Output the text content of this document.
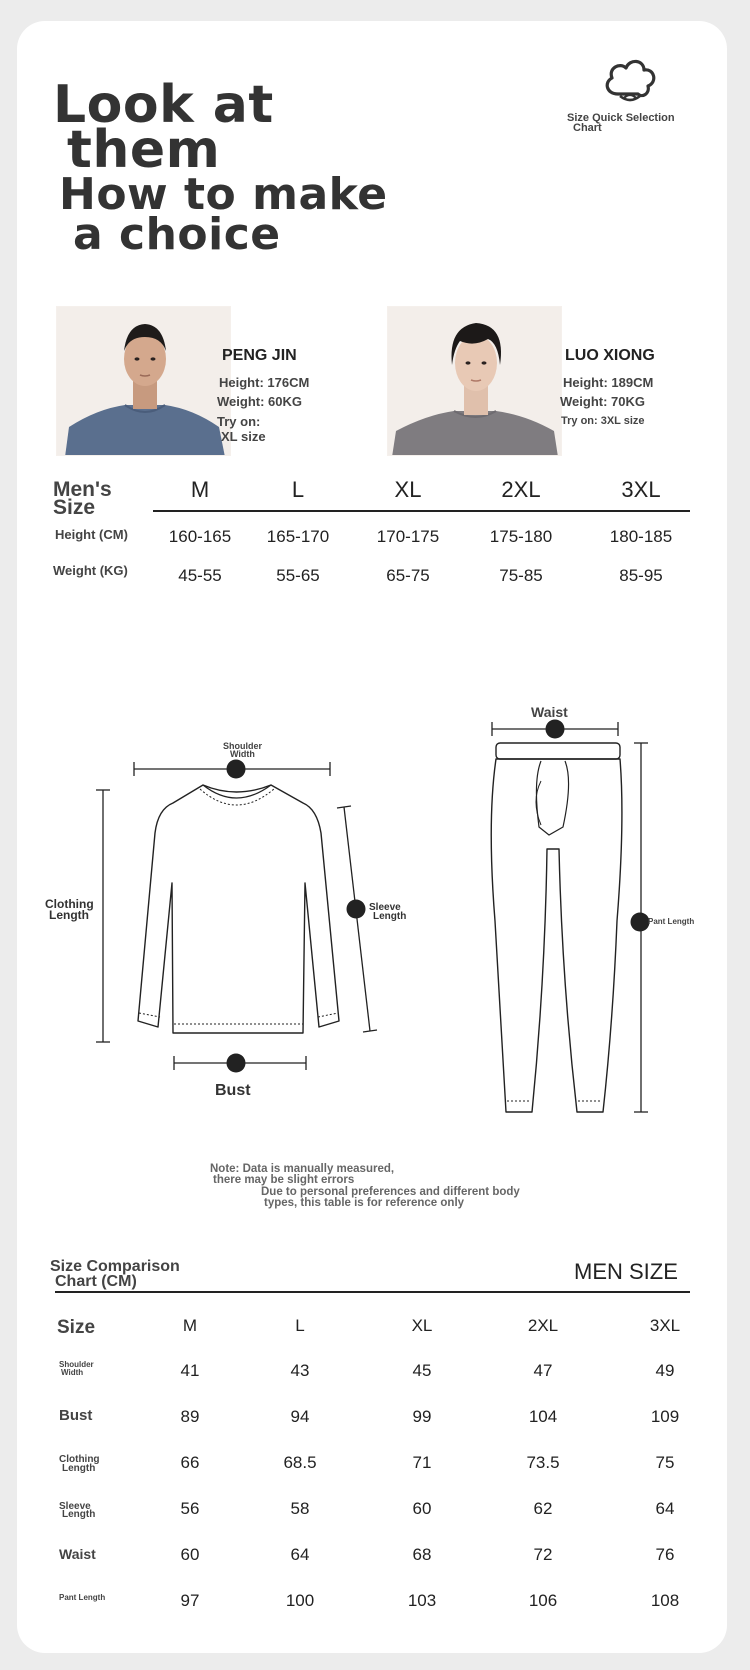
Look at
them
How to make
a choice
Size Quick Selection
Chart
PENG JIN
Height: 176CM
Weight: 60KG
Try on:
XL size
LUO XIONG
Height: 189CM
Weight: 70KG
Try on: 3XL size
Men's
Size
M	L	XL	2XL	3XL
Height (CM)	160-165	165-170	170-175	175-180	180-185
Weight (KG)	45-55	55-65	65-75	75-85	85-95
Shoulder
Width
Clothing
Length
Sleeve
Length
Bust
Waist
Pant Length
Note: Data is manually measured,
there may be slight errors
Due to personal preferences and different body
types, this table is for reference only
Size Comparison
Chart (CM)	MEN SIZE
Size	M	L	XL	2XL	3XL
Shoulder
Width	41	43	45	47	49
Bust	89	94	99	104	109
Clothing
Length	66	68.5	71	73.5	75
Sleeve
Length	56	58	60	62	64
Waist	60	64	68	72	76
Pant Length	97	100	103	106	108
